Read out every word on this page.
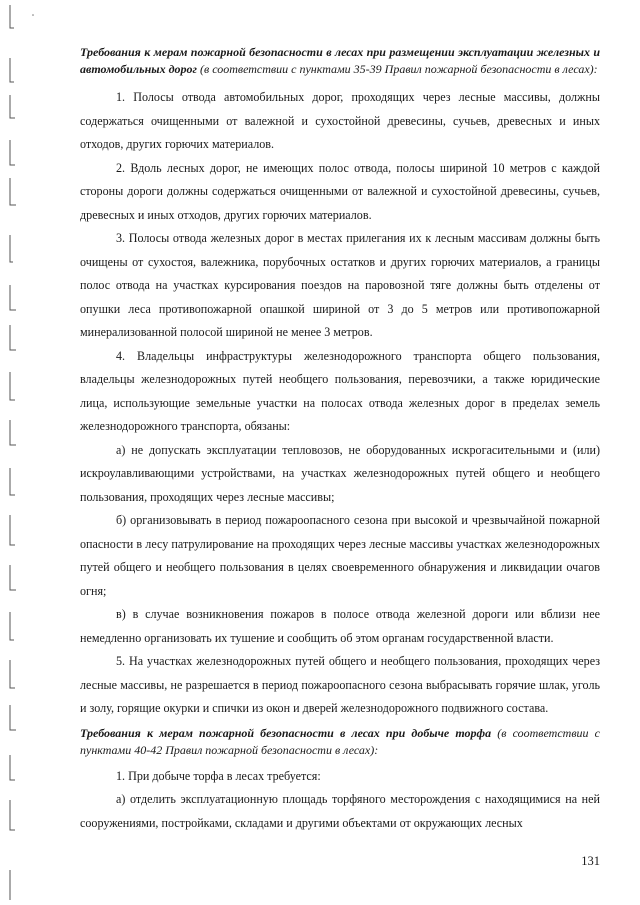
Требования к мерам пожарной безопасности в лесах при размещении эксплуатации железных и автомобильных дорог (в соответствии с пунктами 35-39 Правил пожарной безопасности в лесах):

1. Полосы отвода автомобильных дорог, проходящих через лесные массивы, должны содержаться очищенными от валежной и сухостойной древесины, сучьев, древесных и иных отходов, других горючих материалов.

2. Вдоль лесных дорог, не имеющих полос отвода, полосы шириной 10 метров с каждой стороны дороги должны содержаться очищенными от валежной и сухостойной древесины, сучьев, древесных и иных отходов, других горючих материалов.

3. Полосы отвода железных дорог в местах прилегания их к лесным массивам должны быть очищены от сухостоя, валежника, порубочных остатков и других горючих материалов, а границы полос отвода на участках курсирования поездов на паровозной тяге должны быть отделены от опушки леса противопожарной опашкой шириной от 3 до 5 метров или противопожарной минерализованной полосой шириной не менее 3 метров.

4. Владельцы инфраструктуры железнодорожного транспорта общего пользования, владельцы железнодорожных путей необщего пользования, перевозчики, а также юридические лица, использующие земельные участки на полосах отвода железных дорог в пределах земель железнодорожного транспорта, обязаны:

а) не допускать эксплуатации тепловозов, не оборудованных искрогасительными и (или) искроулавливающими устройствами, на участках железнодорожных путей общего и необщего пользования, проходящих через лесные массивы;

б) организовывать в период пожароопасного сезона при высокой и чрезвычайной пожарной опасности в лесу патрулирование на проходящих через лесные массивы участках железнодорожных путей общего и необщего пользования в целях своевременного обнаружения и ликвидации очагов огня;

в) в случае возникновения пожаров в полосе отвода железной дороги или вблизи нее немедленно организовать их тушение и сообщить об этом органам государственной власти.

5. На участках железнодорожных путей общего и необщего пользования, проходящих через лесные массивы, не разрешается в период пожароопасного сезона выбрасывать горячие шлак, уголь и золу, горящие окурки и спички из окон и дверей железнодорожного подвижного состава.

Требования к мерам пожарной безопасности в лесах при добыче торфа (в соответствии с пунктами 40-42 Правил пожарной безопасности в лесах):

1. При добыче торфа в лесах требуется:

а) отделить эксплуатационную площадь торфяного месторождения с находящимися на ней сооружениями, постройками, складами и другими объектами от окружающих лесных

131
